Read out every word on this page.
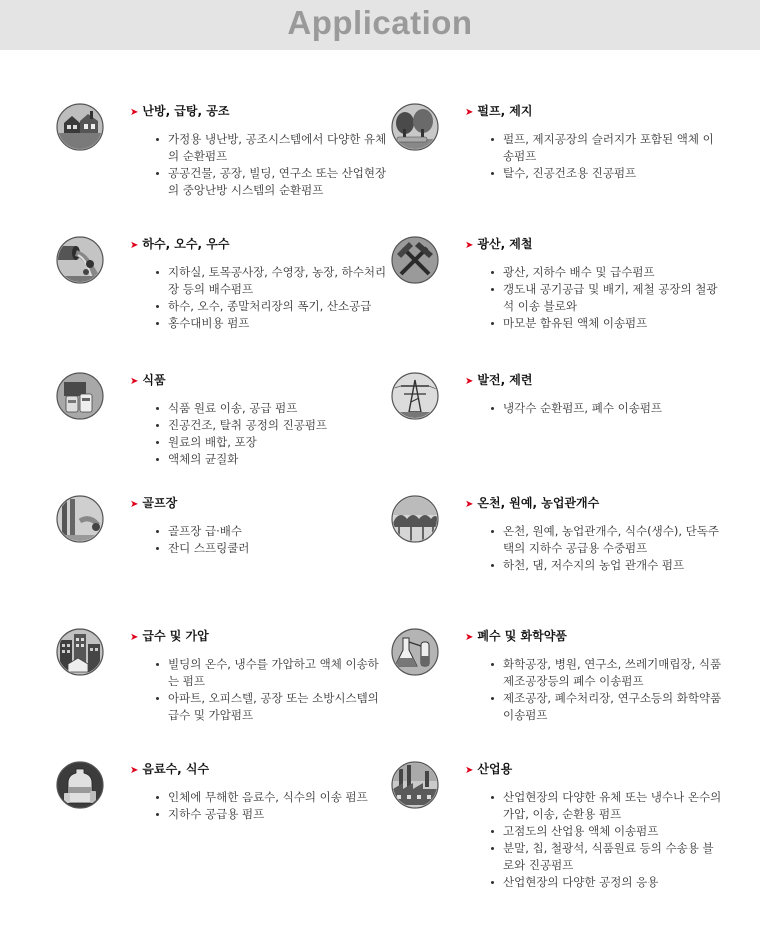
Application
➤ 난방, 급탕, 공조
가정용 냉난방, 공조시스템에서 다양한 유체의 순환펌프
공공건물, 공장, 빌딩, 연구소 또는 산업현장의 중앙난방 시스템의 순환펌프
➤ 펄프, 제지
펄프, 제지공장의 슬러지가 포함된 액체 이송펌프
탈수, 진공건조용 진공펌프
➤ 하수, 오수, 우수
지하실, 토목공사장, 수영장, 농장, 하수처리장 등의 배수펌프
하수, 오수, 종말처리장의 폭기, 산소공급
홍수대비용 펌프
➤ 광산, 제철
광산, 지하수 배수 및 급수펌프
갱도내 공기공급 및 배기, 제철 공장의 철광석 이송 블로와
마모분 함유된 액체 이송펌프
➤ 식품
식품 원료 이송, 공급 펌프
진공건조, 탈취 공정의 진공펌프
원료의 배합, 포장
액체의 균질화
➤ 발전, 제련
냉각수 순환펌프, 폐수 이송펌프
➤ 골프장
골프장 급·배수
잔디 스프링쿨러
➤ 온천, 원예, 농업관개수
온천, 원예, 농업관개수, 식수(생수), 단독주택의 지하수 공급용 수중펌프
하천, 댐, 저수지의 농업 관개수 펌프
➤ 급수 및 가압
빌딩의 온수, 냉수를 가압하고 액체 이송하는 펌프
아파트, 오피스텔, 공장 또는 소방시스템의 급수 및 가압펌프
➤ 폐수 및 화학약품
화학공장, 병원, 연구소, 쓰레기매립장, 식품제조공장등의 폐수 이송펌프
제조공장, 폐수처리장, 연구소등의 화학약품 이송펌프
➤ 음료수, 식수
인체에 무해한 음료수, 식수의 이송 펌프
지하수 공급용 펌프
➤ 산업용
산업현장의 다양한 유체 또는 냉수나 온수의 가압, 이송, 순환용 펌프
고점도의 산업용 액체 이송펌프
분말, 칩, 철광석, 식품원료 등의 수송용 블로와 진공펌프
산업현장의 다양한 공정의 응용
